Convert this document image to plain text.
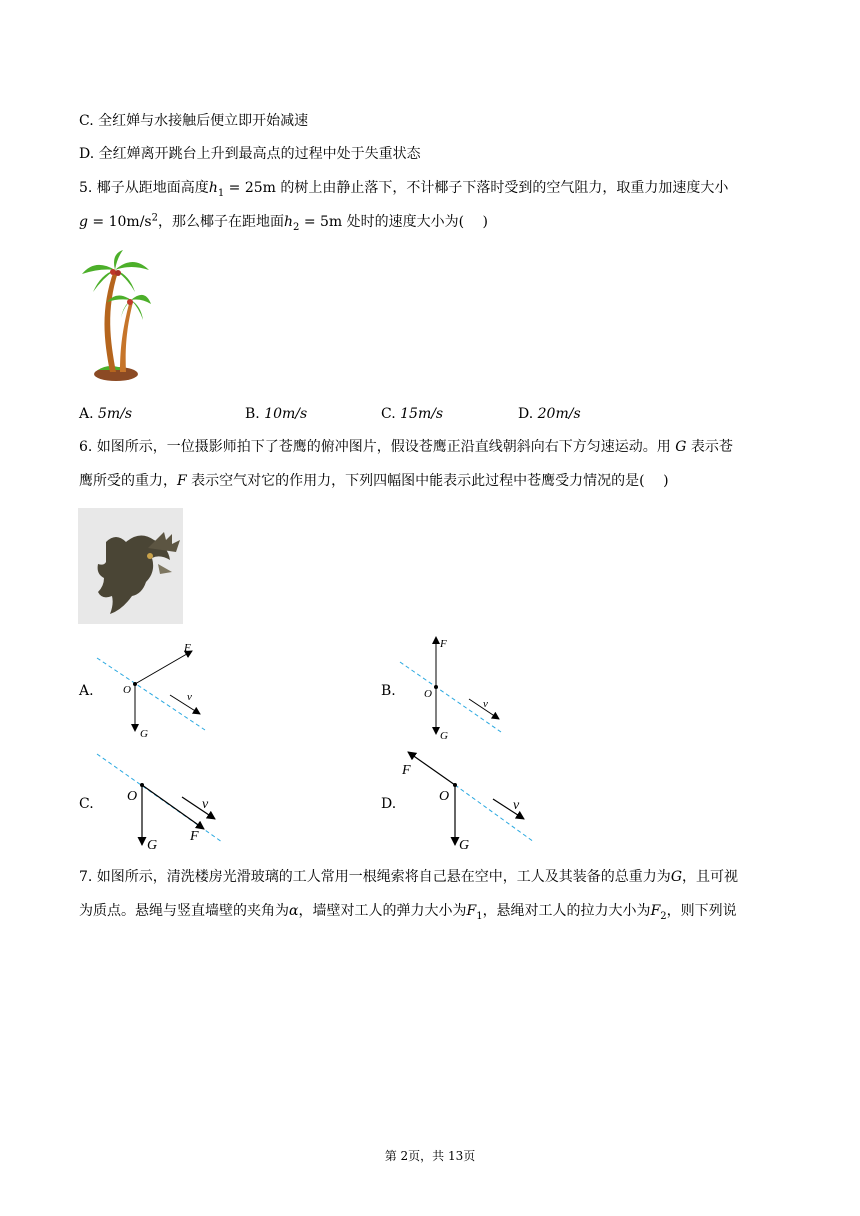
C. 全红婵与水接触后便立即开始减速
D. 全红婵离开跳台上升到最高点的过程中处于失重状态
5. 椰子从距地面高度$h_1 = 25m$ 的树上由静止落下，不计椰子下落时受到的空气阻力，取重力加速度大小
$g = 10m/s^2$，那么椰子在距地面$h_2 = 5m$ 处时的速度大小为(  )
A. 5m/s	B. 10m/s	C. 15m/s	D. 20m/s
6. 如图所示，一位摄影师拍下了苍鹰的俯冲图片，假设苍鹰正沿直线朝斜向右下方匀速运动。用 G 表示苍
鹰所受的重力，F 表示空气对它的作用力，下列四幅图中能表示此过程中苍鹰受力情况的是(  )
A.	B.
C.	D.
F
O
G
v
F
O
G
v
O
G
F
v
F
O
G
v
7. 如图所示，清洗楼房光滑玻璃的工人常用一根绳索将自己悬在空中，工人及其装备的总重力为G，且可视
为质点。悬绳与竖直墙壁的夹角为α，墙壁对工人的弹力大小为$F_1$，悬绳对工人的拉力大小为$F_2$，则下列说
第 2页，共 13页
